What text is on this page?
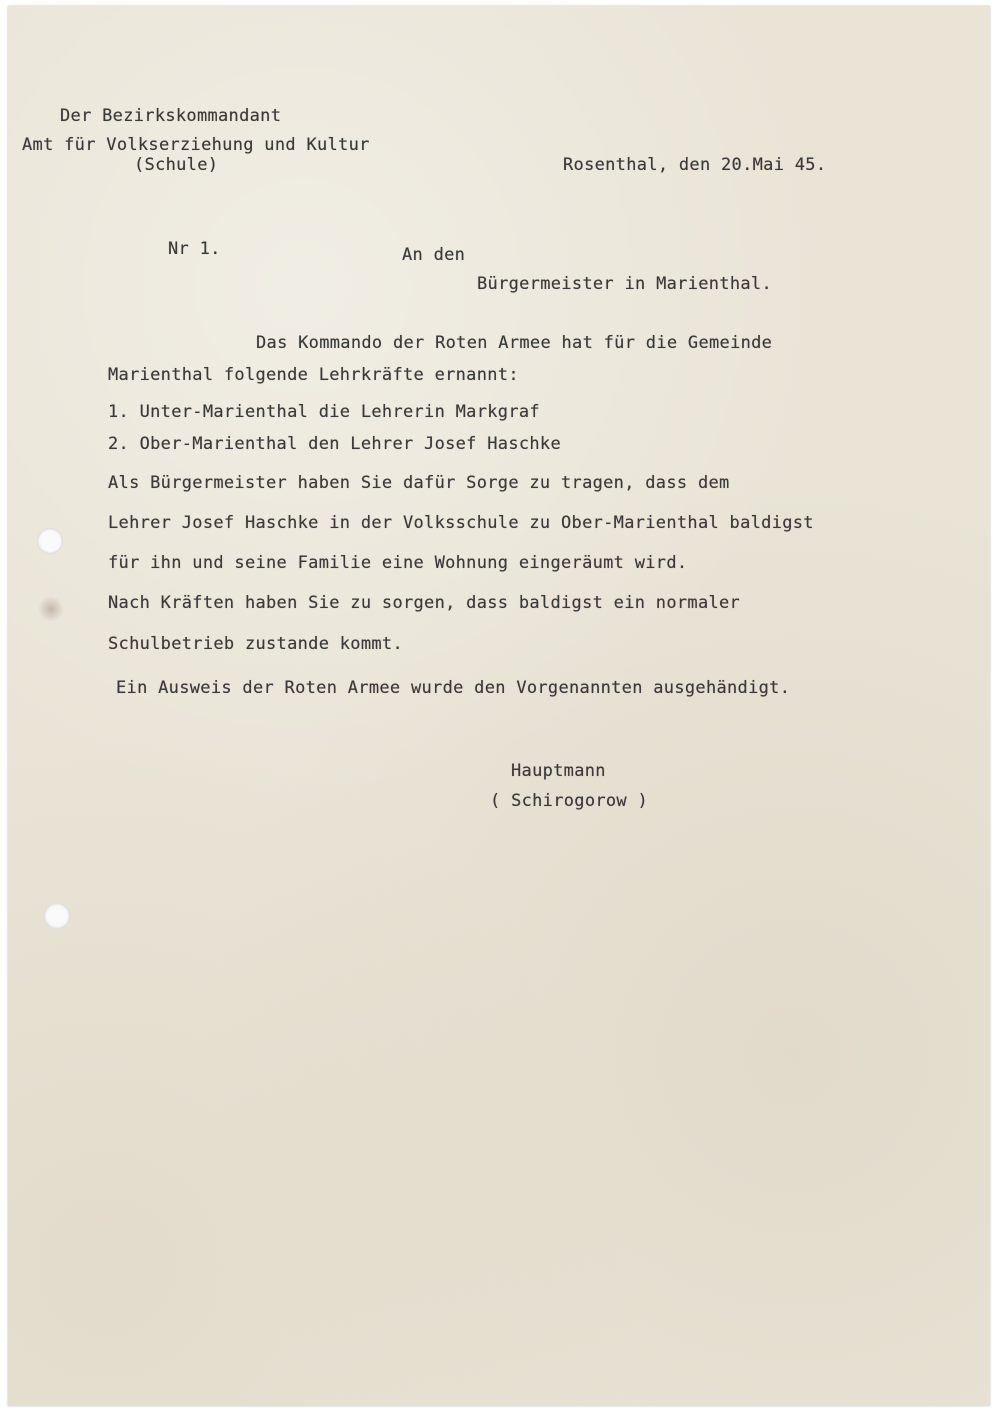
Der Bezirkskommandant
Amt für Volkserziehung und Kultur
(Schule)	Rosenthal, den 20.Mai 45.
Nr 1.	An den
Bürgermeister in Marienthal.
Das Kommando der Roten Armee hat für die Gemeinde
Marienthal folgende Lehrkräfte ernannt:
1. Unter-Marienthal die Lehrerin Markgraf
2. Ober-Marienthal den Lehrer Josef Haschke
Als Bürgermeister haben Sie dafür Sorge zu tragen, dass dem
Lehrer Josef Haschke in der Volksschule zu Ober-Marienthal baldigst
für ihn und seine Familie eine Wohnung eingeräumt wird.
Nach Kräften haben Sie zu sorgen, dass baldigst ein normaler
Schulbetrieb zustande kommt.
Ein Ausweis der Roten Armee wurde den Vorgenannten ausgehändigt.
Hauptmann
( Schirogorow )
